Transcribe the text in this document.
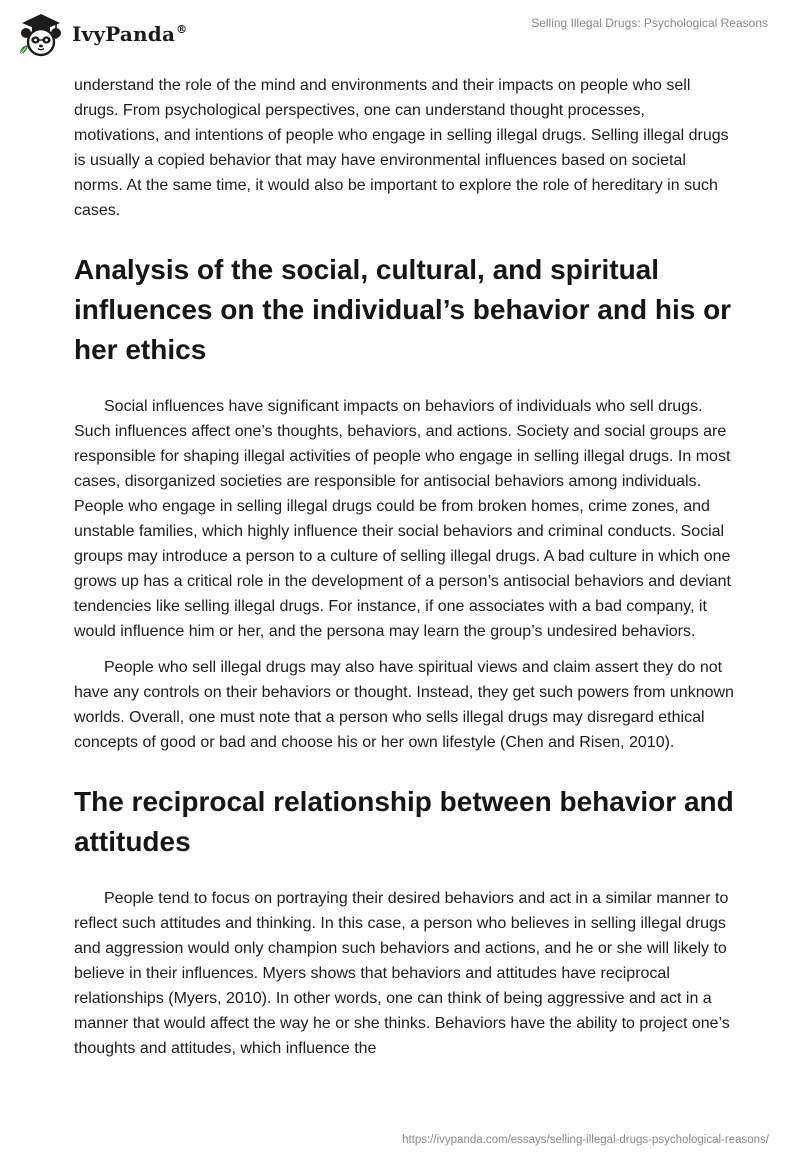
IvyPanda®	Selling Illegal Drugs: Psychological Reasons

understand the role of the mind and environments and their impacts on people who sell drugs. From psychological perspectives, one can understand thought processes, motivations, and intentions of people who engage in selling illegal drugs. Selling illegal drugs is usually a copied behavior that may have environmental influences based on societal norms. At the same time, it would also be important to explore the role of hereditary in such cases.

Analysis of the social, cultural, and spiritual influences on the individual’s behavior and his or her ethics

Social influences have significant impacts on behaviors of individuals who sell drugs. Such influences affect one’s thoughts, behaviors, and actions. Society and social groups are responsible for shaping illegal activities of people who engage in selling illegal drugs. In most cases, disorganized societies are responsible for antisocial behaviors among individuals. People who engage in selling illegal drugs could be from broken homes, crime zones, and unstable families, which highly influence their social behaviors and criminal conducts. Social groups may introduce a person to a culture of selling illegal drugs. A bad culture in which one grows up has a critical role in the development of a person’s antisocial behaviors and deviant tendencies like selling illegal drugs. For instance, if one associates with a bad company, it would influence him or her, and the persona may learn the group’s undesired behaviors.

People who sell illegal drugs may also have spiritual views and claim assert they do not have any controls on their behaviors or thought. Instead, they get such powers from unknown worlds. Overall, one must note that a person who sells illegal drugs may disregard ethical concepts of good or bad and choose his or her own lifestyle (Chen and Risen, 2010).

The reciprocal relationship between behavior and attitudes

People tend to focus on portraying their desired behaviors and act in a similar manner to reflect such attitudes and thinking. In this case, a person who believes in selling illegal drugs and aggression would only champion such behaviors and actions, and he or she will likely to believe in their influences. Myers shows that behaviors and attitudes have reciprocal relationships (Myers, 2010). In other words, one can think of being aggressive and act in a manner that would affect the way he or she thinks. Behaviors have the ability to project one’s thoughts and attitudes, which influence the

https://ivypanda.com/essays/selling-illegal-drugs-psychological-reasons/
